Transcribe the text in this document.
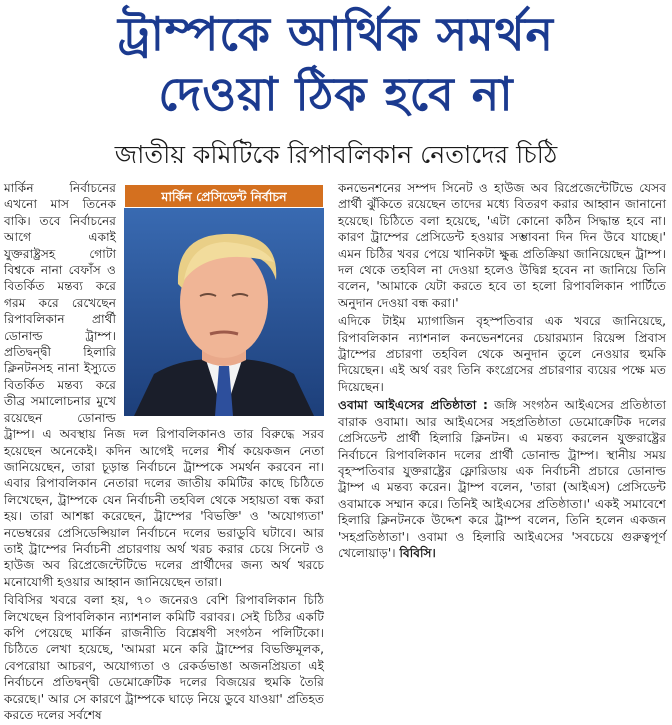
ট্রাম্পকে আর্থিক সমর্থন
দেওয়া ঠিক হবে না
জাতীয় কমিটিকে রিপাবলিকান নেতাদের চিঠি

মার্কিন প্রেসিডেন্ট নির্বাচন
মার্কিন নির্বাচনের এখনো মাস তিনেক বাকি। তবে নির্বাচনের আগে একাই যুক্তরাষ্ট্রসহ গোটা বিশ্বকে নানা বেফাঁস ও বিতর্কিত মন্তব্য করে গরম করে রেখেছেন রিপাবলিকান প্রার্থী ডোনাল্ড ট্রাম্প। প্রতিদ্বন্দ্বী হিলারি ক্লিনটনসহ নানা ইস্যুতে বিতর্কিত মন্তব্য করে তীব্র সমালোচনার মুখে রয়েছেন ডোনাল্ড ট্রাম্প। এ অবস্থায় নিজ দল রিপাবলিকানও তার বিরুদ্ধে সরব হয়েছেন অনেকেই। কদিন আগেই দলের শীর্ষ কয়েকজন নেতা জানিয়েছেন, তারা চূড়ান্ত নির্বাচনে ট্রাম্পকে সমর্থন করবেন না। এবার রিপাবলিকান নেতারা দলের জাতীয় কমিটির কাছে চিঠিতে লিখেছেন, ট্রাম্পকে যেন নির্বাচনী তহবিল থেকে সহায়তা বন্ধ করা হয়। তারা আশঙ্কা করেছেন, ট্রাম্পের 'বিভক্তি' ও 'অযোগ্যতা' নভেম্বরের প্রেসিডেন্সিয়াল নির্বাচনে দলের ভরাডুবি ঘটাবে। আর তাই ট্রাম্পের নির্বাচনী প্রচারণায় অর্থ খরচ করার চেয়ে সিনেট ও হাউজ অব রিপ্রেজেন্টেটিভে দলের প্রার্থীদের জন্য অর্থ খরচে মনোযোগী হওয়ার আহ্বান জানিয়েছেন তারা।

বিবিসির খবরে বলা হয়, ৭০ জনেরও বেশি রিপাবলিকান চিঠি লিখেছেন রিপাবলিকান ন্যাশনাল কমিটি বরাবর। সেই চিঠির একটি কপি পেয়েছে মার্কিন রাজনীতি বিশ্লেষণী সংগঠন পলিটিকো। চিঠিতে লেখা হয়েছে, 'আমরা মনে করি ট্রাম্পের বিভক্তিমূলক, বেপরোয়া আচরণ, অযোগ্যতা ও রেকর্ডভাঙা অজনপ্রিয়তা এই নির্বাচনে প্রতিদ্বন্দ্বী ডেমোক্রেটিক দলের বিজয়ের হুমকি তৈরি করেছে।' আর সে কারণে ট্রাম্পকে ঘাড়ে নিয়ে ডুবে যাওয়া' প্রতিহত করতে দলের সর্বশেষ

কনভেনশনের সম্পদ সিনেট ও হাউজ অব রিপ্রেজেন্টেটিভে যেসব প্রার্থী ঝুঁকিতে রয়েছেন তাদের মধ্যে বিতরণ করার আহ্বান জানানো হয়েছে। চিঠিতে বলা হয়েছে, 'এটা কোনো কঠিন সিদ্ধান্ত হবে না। কারণ ট্রাম্পের প্রেসিডেন্ট হওয়ার সম্ভাবনা দিন দিন উবে যাচ্ছে।' এমন চিঠির খবর পেয়ে খানিকটা ক্ষুব্ধ প্রতিক্রিয়া জানিয়েছেন ট্রাম্প। দল থেকে তহবিল না দেওয়া হলেও উদ্বিগ্ন হবেন না জানিয়ে তিনি বলেন, 'আমাকে যেটা করতে হবে তা হলো রিপাবলিকান পার্টিতে অনুদান দেওয়া বন্ধ করা।'

এদিকে টাইম ম্যাগাজিন বৃহস্পতিবার এক খবরে জানিয়েছে, রিপাবলিকান ন্যাশনাল কনভেনশনের চেয়ারম্যান রিয়েন্স প্রিবাস ট্রাম্পের প্রচারণা তহবিল থেকে অনুদান তুলে নেওয়ার হুমকি দিয়েছেন। এই অর্থ বরং তিনি কংগ্রেসের প্রচারণার ব্যয়ের পক্ষে মত দিয়েছেন।

ওবামা আইএসের প্রতিষ্ঠাতা : জঙ্গি সংগঠন আইএসের প্রতিষ্ঠাতা বারাক ওবামা। আর আইএসের সহপ্রতিষ্ঠাতা ডেমোক্রেটিক দলের প্রেসিডেন্ট প্রার্থী হিলারি ক্লিনটন। এ মন্তব্য করলেন যুক্তরাষ্ট্রের নির্বাচনে রিপাবলিকান দলের প্রার্থী ডোনাল্ড ট্রাম্প। স্থানীয় সময় বৃহস্পতিবার যুক্তরাষ্ট্রের ফ্লোরিডায় এক নির্বাচনী প্রচারে ডোনাল্ড ট্রাম্প এ মন্তব্য করেন। ট্রাম্প বলেন, 'তারা (আইএস) প্রেসিডেন্ট ওবামাকে সম্মান করে। তিনিই আইএসের প্রতিষ্ঠাতা।' একই সমাবেশে হিলারি ক্লিনটনকে উদ্দেশ করে ট্রাম্প বলেন, তিনি হলেন একজন 'সহপ্রতিষ্ঠাতা'। ওবামা ও হিলারি আইএসের 'সবচেয়ে গুরুত্বপূর্ণ খেলোয়াড়'। বিবিসি।
